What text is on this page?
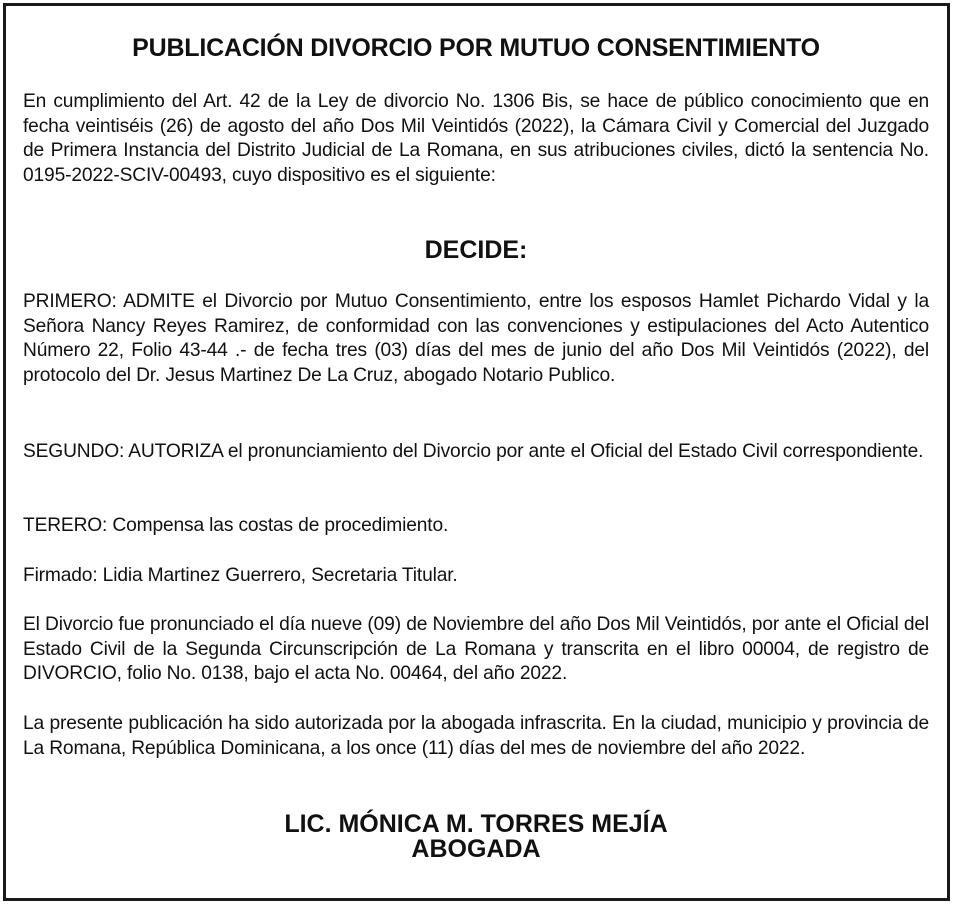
PUBLICACIÓN DIVORCIO POR MUTUO CONSENTIMIENTO

En cumplimiento del Art. 42 de la Ley de divorcio No. 1306 Bis, se hace de público conocimiento que en fecha veintiséis (26) de agosto del año Dos Mil Veintidós (2022), la Cámara Civil y Comercial del Juzgado de Primera Instancia del Distrito Judicial de La Romana, en sus atribuciones civiles, dictó la sentencia No. 0195-2022-SCIV-00493, cuyo dispositivo es el siguiente:

DECIDE:

PRIMERO: ADMITE el Divorcio por Mutuo Consentimiento, entre los esposos Hamlet Pichardo Vidal y la Señora Nancy Reyes Ramirez, de conformidad con las convenciones y estipulaciones del Acto Autentico Número 22, Folio 43-44 .- de fecha tres (03) días del mes de junio del año Dos Mil Veintidós (2022), del protocolo del Dr. Jesus Martinez De La Cruz, abogado Notario Publico.

SEGUNDO: AUTORIZA el pronunciamiento del Divorcio por ante el Oficial del Estado Civil correspondiente.

TERERO: Compensa las costas de procedimiento.

Firmado: Lidia Martinez Guerrero, Secretaria Titular.

El Divorcio fue pronunciado el día nueve (09) de Noviembre del año Dos Mil Veintidós, por ante el Oficial del Estado Civil de la Segunda Circunscripción de La Romana y transcrita en el libro 00004, de registro de DIVORCIO, folio No. 0138, bajo el acta No. 00464, del año 2022.

La presente publicación ha sido autorizada por la abogada infrascrita. En la ciudad, municipio y provincia de La Romana, República Dominicana, a los once (11) días del mes de noviembre del año 2022.

LIC. MÓNICA M. TORRES MEJÍA

ABOGADA
